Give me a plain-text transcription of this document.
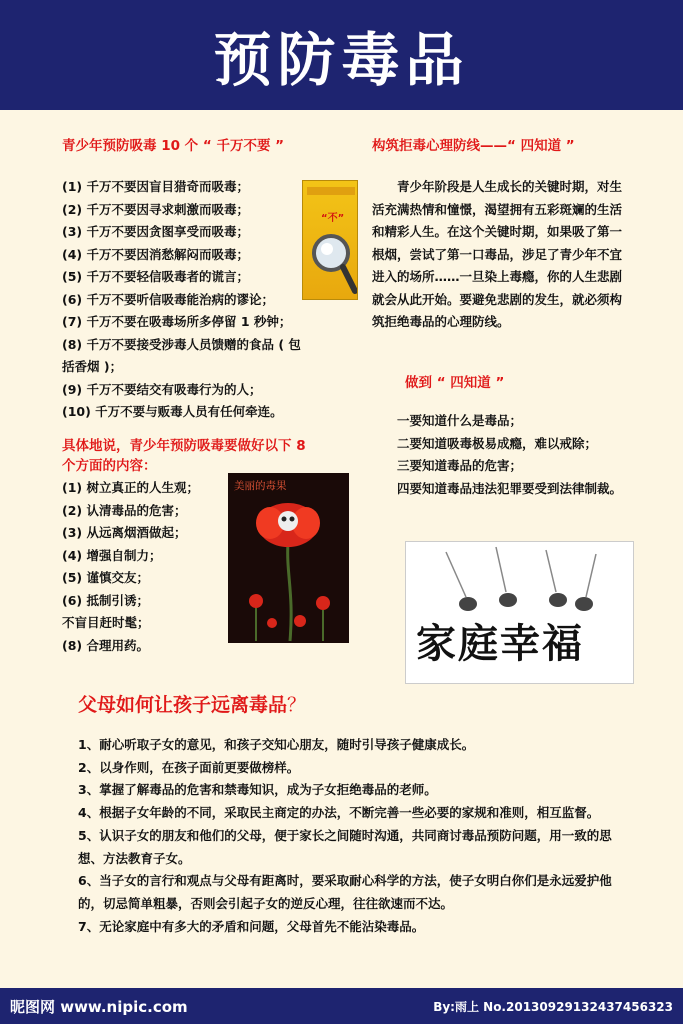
预防毒品
青少年预防吸毒 10 个 “ 千万不要 ”
(1) 千万不要因盲目猎奇而吸毒；
(2) 千万不要因寻求刺激而吸毒；
(3) 千万不要因贪图享受而吸毒；
(4) 千万不要因消愁解闷而吸毒；
(5) 千万不要轻信吸毒者的谎言；
(6) 千万不要听信吸毒能治病的谬论；
(7) 千万不要在吸毒场所多停留 1 秒钟；
(8) 千万不要接受涉毒人员馈赠的食品 ( 包
括香烟 )；
(9) 千万不要结交有吸毒行为的人；
(10) 千万不要与贩毒人员有任何牵连。
具体地说，青少年预防吸毒要做好以下 8
个方面的内容：
(1) 树立真正的人生观；
(2) 认清毒品的危害；
(3) 从远离烟酒做起；
(4) 增强自制力；
(5) 谨慎交友；
(6) 抵制引诱；
不盲目赶时髦；
(8) 合理用药。
“不”
美丽的毒果
构筑拒毒心理防线——“ 四知道 ”

青少年阶段是人生成长的关键时期，对生活充满热情和憧憬，渴望拥有五彩斑斓的生活和精彩人生。在这个关键时期，如果吸了第一根烟，尝试了第一口毒品，涉足了青少年不宜进入的场所……一旦染上毒瘾，你的人生悲剧就会从此开始。要避免悲剧的发生，就必须构筑拒绝毒品的心理防线。

做到 “ 四知道 ”
一要知道什么是毒品；
二要知道吸毒极易成瘾，难以戒除；
三要知道毒品的危害；
四要知道毒品违法犯罪要受到法律制裁。
家庭幸福
父母如何让孩子远离毒品？
1、耐心听取子女的意见，和孩子交知心朋友，随时引导孩子健康成长。
2、以身作则，在孩子面前更要做榜样。
3、掌握了解毒品的危害和禁毒知识，成为子女拒绝毒品的老师。
4、根据子女年龄的不同，采取民主商定的办法，不断完善一些必要的家规和准则，相互监督。
5、认识子女的朋友和他们的父母，便于家长之间随时沟通，共同商讨毒品预防问题，用一致的思想、方法教育子女。
6、当子女的言行和观点与父母有距离时，要采取耐心科学的方法，使子女明白你们是永远爱护他的，切忌简单粗暴，否则会引起子女的逆反心理，往往欲速而不达。
7、无论家庭中有多大的矛盾和问题，父母首先不能沾染毒品。
昵图网 www.nipic.com	By:雨上 No.20130929132437456323
